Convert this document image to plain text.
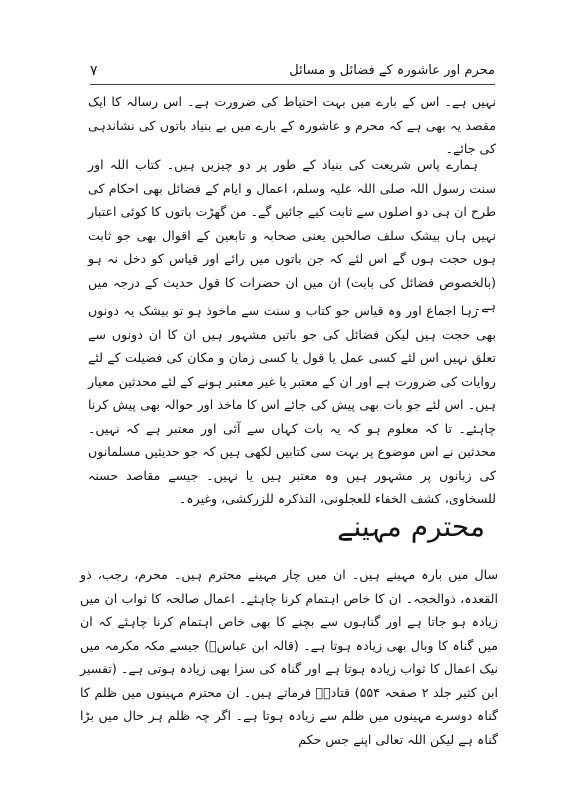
محرم اور عاشورہ کے فضائل و مسائل
۷

نہیں ہے۔ اس کے بارے میں بہت احتیاط کی ضرورت ہے۔ اس رسالہ کا ایک مقصد یہ بھی ہے کہ محرم و عاشورہ کے بارے میں بے بنیاد باتوں کی نشاندہی کی جائے۔

ہمارے پاس شریعت کی بنیاد کے طور پر دو چیزیں ہیں۔ کتاب اللہ اور سنت رسول اللہ صلی اللہ علیہ وسلم، اعمال و ایام کے فضائل بھی احکام کی طرح ان ہی دو اصلوں سے ثابت کیے جائیں گے۔ من گھڑت باتوں کا کوئی اعتبار نہیں ہاں بیشک سلف صالحین یعنی صحابہ و تابعین کے اقوال بھی جو ثابت ہوں حجت ہوں گے اس لئے کہ جن باتوں میں رائے اور قیاس کو دخل نہ ہو (بالخصوص فضائل کی بابت) ان میں ان حضرات کا قول حدیث کے درجہ میں ہے۔

رہا اجماع اور وہ قیاس جو کتاب و سنت سے ماخوذ ہو تو بیشک یہ دونوں بھی حجت ہیں لیکن فضائل کی جو باتیں مشہور ہیں ان کا ان دونوں سے تعلق نہیں اس لئے کسی عمل یا قول یا کسی زمان و مکان کی فضیلت کے لئے روایات کی ضرورت ہے اور ان کے معتبر یا غیر معتبر ہونے کے لئے محدثین معیار ہیں۔ اس لئے جو بات بھی پیش کی جائے اس کا ماخذ اور حوالہ بھی پیش کرنا چاہئے۔ تا کہ معلوم ہو کہ یہ بات کہاں سے آئی اور معتبر ہے کہ نہیں۔ محدثین نے اس موضوع پر بہت سی کتابیں لکھی ہیں کہ جو حدیثیں مسلمانوں کی زبانوں پر مشہور ہیں وہ معتبر ہیں یا نہیں۔ جیسے مقاصد حسنہ للسخاوی، کشف الخفاء للعجلونی، التذکرہ للزرکشی، وغیرہ۔

محترم مہینے

سال میں بارہ مہینے ہیں۔ ان میں چار مہینے محترم ہیں۔ محرم، رجب، ذو القعدہ، ذوالحجہ۔ ان کا خاص اہتمام کرنا چاہئے۔ اعمال صالحہ کا ثواب ان میں زیادہ ہو جاتا ہے اور گناہوں سے بچنے کا بھی خاص اہتمام کرنا چاہئے کہ ان میں گناہ کا وبال بھی زیادہ ہوتا ہے۔ (قالہ ابن عباسؓ) جیسے مکہ مکرمہ میں نیک اعمال کا ثواب زیادہ ہوتا ہے اور گناہ کی سزا بھی زیادہ ہوتی ہے۔ (تفسیر ابن کثیر جلد ۲ صفحہ ۵۵۴) قتادہؒ فرماتے ہیں۔ ان محترم مہینوں میں ظلم کا گناہ دوسرے مہینوں میں ظلم سے زیادہ ہوتا ہے۔ اگر چہ ظلم ہر حال میں بڑا گناہ ہے لیکن اللہ تعالی اپنے جس حکم
